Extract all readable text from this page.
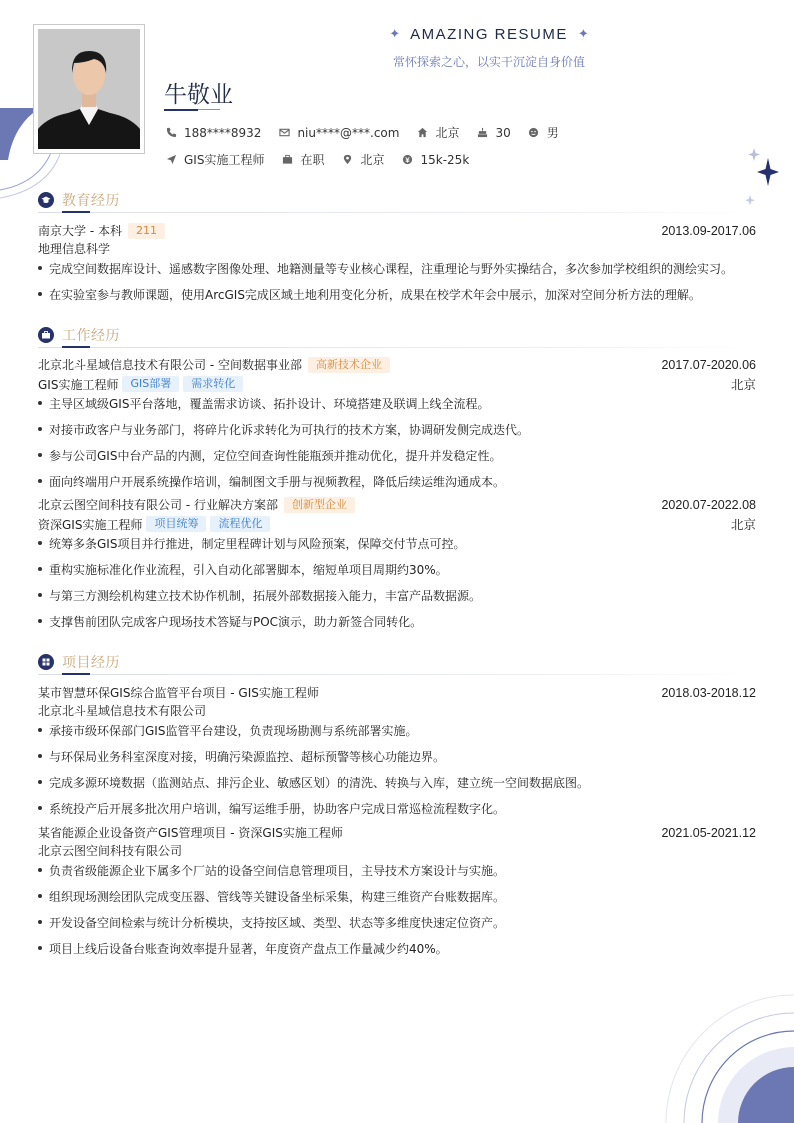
✦ AMAZING RESUME ✦
常怀探索之心，以实干沉淀自身价值
牛敬业
188****8932	niu****@***.com	北京	30	男
GIS实施工程师	在职	北京	15k-25k
教育经历
南京大学 - 本科	211	2013.09-2017.06
地理信息科学
完成空间数据库设计、遥感数字图像处理、地籍测量等专业核心课程，注重理论与野外实操结合，多次参加学校组织的测绘实习。
在实验室参与教师课题，使用ArcGIS完成区域土地利用变化分析，成果在校学术年会中展示，加深对空间分析方法的理解。
工作经历
北京北斗星域信息技术有限公司 - 空间数据事业部	高新技术企业	2017.07-2020.06
GIS实施工程师	GIS部署	需求转化	北京
主导区域级GIS平台落地，覆盖需求访谈、拓扑设计、环境搭建及联调上线全流程。
对接市政客户与业务部门，将碎片化诉求转化为可执行的技术方案，协调研发侧完成迭代。
参与公司GIS中台产品的内测，定位空间查询性能瓶颈并推动优化，提升并发稳定性。
面向终端用户开展系统操作培训，编制图文手册与视频教程，降低后续运维沟通成本。
北京云图空间科技有限公司 - 行业解决方案部	创新型企业	2020.07-2022.08
资深GIS实施工程师	项目统筹	流程优化	北京
统筹多条GIS项目并行推进，制定里程碑计划与风险预案，保障交付节点可控。
重构实施标准化作业流程，引入自动化部署脚本，缩短单项目周期约30%。
与第三方测绘机构建立技术协作机制，拓展外部数据接入能力，丰富产品数据源。
支撑售前团队完成客户现场技术答疑与POC演示，助力新签合同转化。
项目经历
某市智慧环保GIS综合监管平台项目 - GIS实施工程师	2018.03-2018.12
北京北斗星域信息技术有限公司
承接市级环保部门GIS监管平台建设，负责现场勘测与系统部署实施。
与环保局业务科室深度对接，明确污染源监控、超标预警等核心功能边界。
完成多源环境数据（监测站点、排污企业、敏感区划）的清洗、转换与入库，建立统一空间数据底图。
系统投产后开展多批次用户培训，编写运维手册，协助客户完成日常巡检流程数字化。
某省能源企业设备资产GIS管理项目 - 资深GIS实施工程师	2021.05-2021.12
北京云图空间科技有限公司
负责省级能源企业下属多个厂站的设备空间信息管理项目，主导技术方案设计与实施。
组织现场测绘团队完成变压器、管线等关键设备坐标采集，构建三维资产台账数据库。
开发设备空间检索与统计分析模块，支持按区域、类型、状态等多维度快速定位资产。
项目上线后设备台账查询效率提升显著，年度资产盘点工作量减少约40%。
